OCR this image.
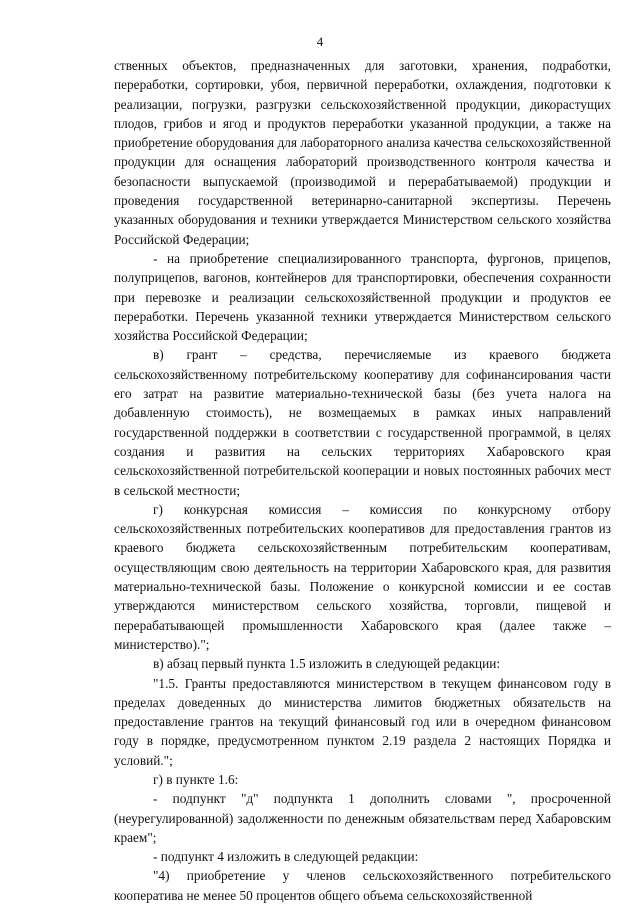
4

ственных объектов, предназначенных для заготовки, хранения, подработки, переработки, сортировки, убоя, первичной переработки, охлаждения, подготовки к реализации, погрузки, разгрузки сельскохозяйственной продукции, дикорастущих плодов, грибов и ягод и продуктов переработки указанной продукции, а также на приобретение оборудования для лабораторного анализа качества сельскохозяйственной продукции для оснащения лабораторий производственного контроля качества и безопасности выпускаемой (производимой и перерабатываемой) продукции и проведения государственной ветеринарно-санитарной экспертизы. Перечень указанных оборудования и техники утверждается Министерством сельского хозяйства Российской Федерации;

- на приобретение специализированного транспорта, фургонов, прицепов, полуприцепов, вагонов, контейнеров для транспортировки, обеспечения сохранности при перевозке и реализации сельскохозяйственной продукции и продуктов ее переработки. Перечень указанной техники утверждается Министерством сельского хозяйства Российской Федерации;

в) грант – средства, перечисляемые из краевого бюджета сельскохозяйственному потребительскому кооперативу для софинансирования части его затрат на развитие материально-технической базы (без учета налога на добавленную стоимость), не возмещаемых в рамках иных направлений государственной поддержки в соответствии с государственной программой, в целях создания и развития на сельских территориях Хабаровского края сельскохозяйственной потребительской кооперации и новых постоянных рабочих мест в сельской местности;

г) конкурсная комиссия – комиссия по конкурсному отбору сельскохозяйственных потребительских кооперативов для предоставления грантов из краевого бюджета сельскохозяйственным потребительским кооперативам, осуществляющим свою деятельность на территории Хабаровского края, для развития материально-технической базы. Положение о конкурсной комиссии и ее состав утверждаются министерством сельского хозяйства, торговли, пищевой и перерабатывающей промышленности Хабаровского края (далее также – министерство).";

в) абзац первый пункта 1.5 изложить в следующей редакции:

"1.5. Гранты предоставляются министерством в текущем финансовом году в пределах доведенных до министерства лимитов бюджетных обязательств на предоставление грантов на текущий финансовый год или в очередном финансовом году в порядке, предусмотренном пунктом 2.19 раздела 2 настоящих Порядка и условий.";

г) в пункте 1.6:

- подпункт "д" подпункта 1 дополнить словами ", просроченной (неурегулированной) задолженности по денежным обязательствам перед Хабаровским краем";

- подпункт 4 изложить в следующей редакции:

"4) приобретение у членов сельскохозяйственного потребительского кооператива не менее 50 процентов общего объема сельскохозяйственной
